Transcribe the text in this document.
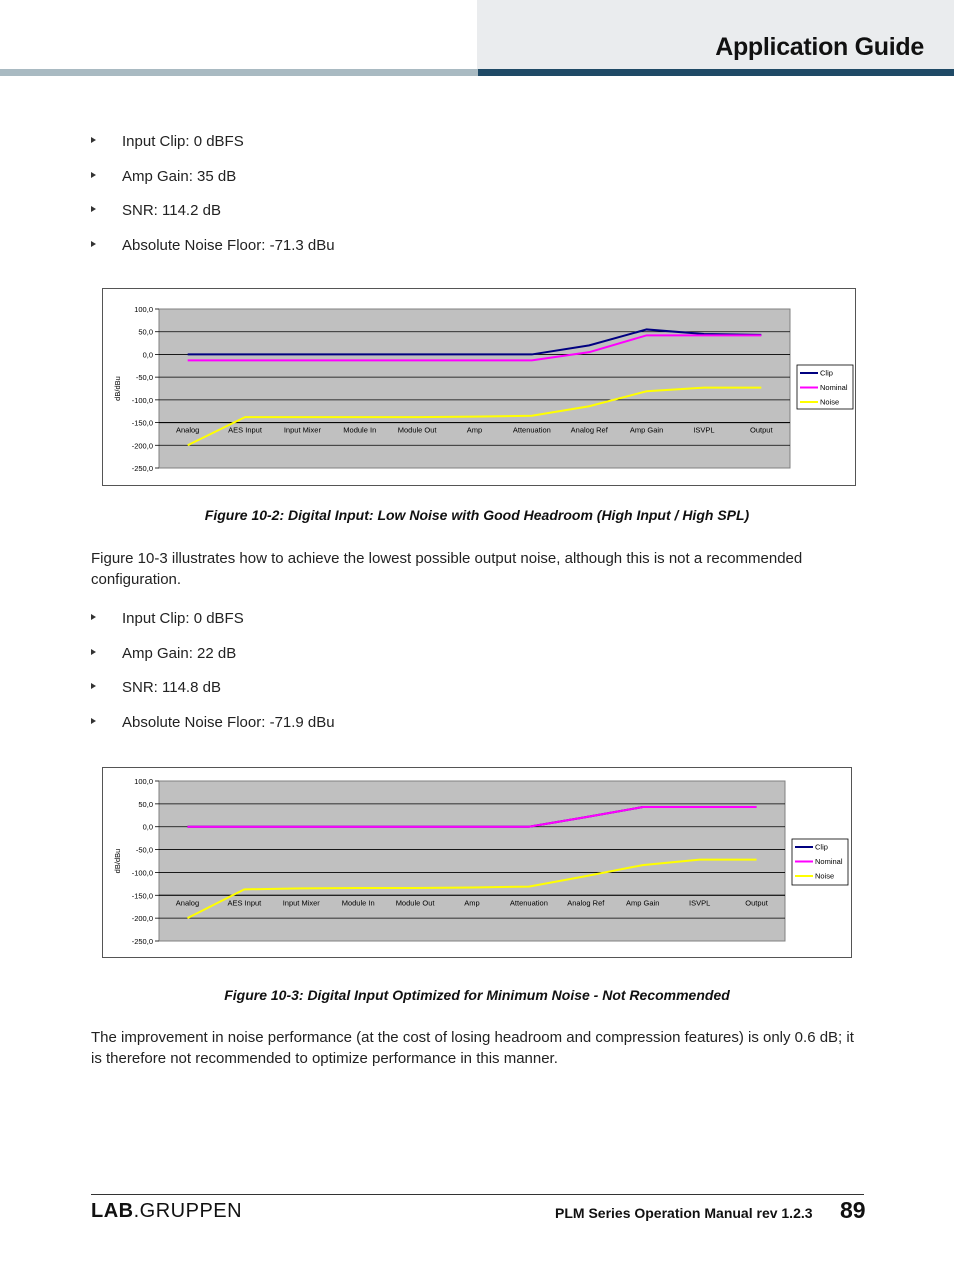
Application Guide
Input Clip: 0 dBFS
Amp Gain: 35 dB
SNR: 114.2 dB
Absolute Noise Floor: -71.3 dBu
100,0
50,0
0,0
-50,0
-100,0
-150,0
-200,0
-250,0
Analog	AES Input	Input Mixer	Module In	Module Out	Amp	Attenuation	Analog Ref	Amp Gain	ISVPL	Output
dB/dBu
Clip
Nominal
Noise
Figure 10-2: Digital Input: Low Noise with Good Headroom (High Input / High SPL)

Figure 10-3 illustrates how to achieve the lowest possible output noise, although this is not a recommended configuration.

Input Clip: 0 dBFS
Amp Gain: 22 dB
SNR: 114.8 dB
Absolute Noise Floor: -71.9 dBu
100,0
50,0
0,0
-50,0
-100,0
-150,0
-200,0
-250,0
Analog	AES Input	Input Mixer	Module In	Module Out	Amp	Attenuation	Analog Ref	Amp Gain	ISVPL	Output
dB/dBu
Clip
Nominal
Noise
Figure 10-3: Digital Input Optimized for Minimum Noise - Not Recommended

The improvement in noise performance (at the cost of losing headroom and compression features) is only 0.6 dB; it is therefore not recommended to optimize performance in this manner.

LAB.GRUPPEN	PLM Series Operation Manual rev 1.2.3 89
